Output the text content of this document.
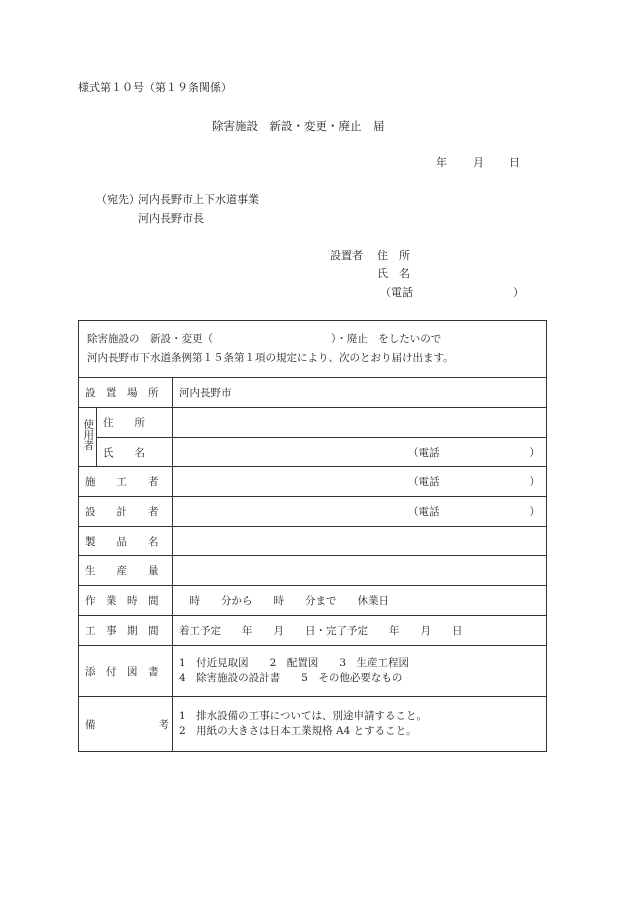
様式第１０号（第１９条関係）
除害施設　新設・変更・廃止　届
年 月 日
（宛先）
河内長野市上下水道事業
河内長野市長
設置者 住　所
氏　名
（電話	）
除害施設の　新設・変更（ ）・廃止　をしたいので
河内長野市下水道条例第１５条第１項の規定により、次のとおり届け出ます。		

設　置　場　所		河内長野市
使用者	住　　所	
	氏　　名	（電話 ）

施　　工　　者		（電話 ）

設　　計　　者		（電話 ）

製　　品　　名		
生　　産　　量		
作　業　時　間		　時　　分から　　時　　分まで　　休業日
工　事　期　間		着工予定　　年　　月　　日・完了予定　　年　　月　　日
添　付　図　書		1　付近見取図　　2　配置図　　3　生産工程図
4　除害施設の設計書　　5　その他必要なもの

備　　　　　　考		1　排水設備の工事については、別途申請すること。
2　用紙の大きさは日本工業規格 A4 とすること。
